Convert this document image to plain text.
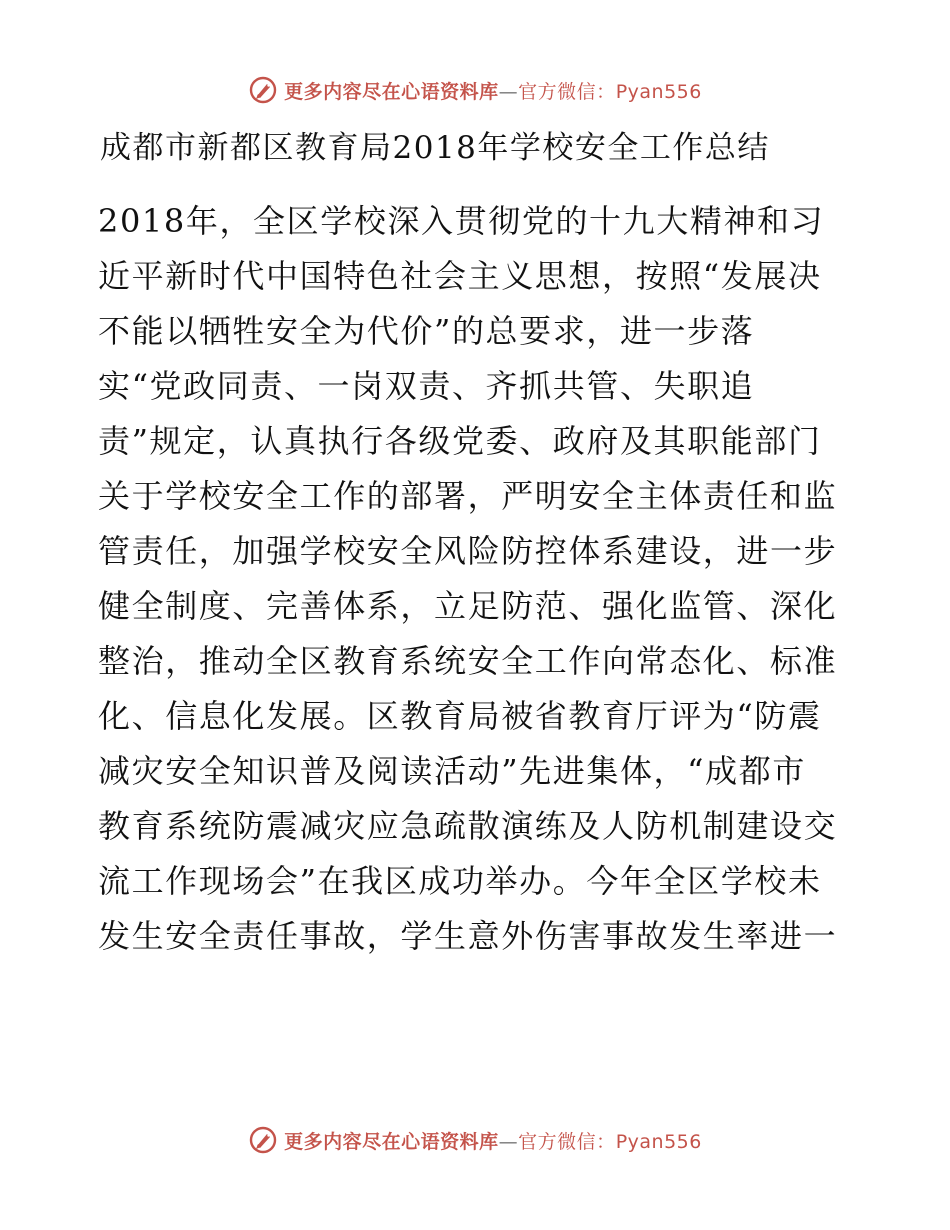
更多内容尽在心语资料库—官方微信：Pyan556
成都市新都区教育局2018年学校安全工作总结
2018年，全区学校深入贯彻党的十九大精神和习
近平新时代中国特色社会主义思想，按照“发展决
不能以牺牲安全为代价”的总要求，进一步落
实“党政同责、一岗双责、齐抓共管、失职追
责”规定，认真执行各级党委、政府及其职能部门
关于学校安全工作的部署，严明安全主体责任和监
管责任，加强学校安全风险防控体系建设，进一步
健全制度、完善体系，立足防范、强化监管、深化
整治，推动全区教育系统安全工作向常态化、标准
化、信息化发展。区教育局被省教育厅评为“防震
减灾安全知识普及阅读活动”先进集体，“成都市
教育系统防震减灾应急疏散演练及人防机制建设交
流工作现场会”在我区成功举办。今年全区学校未
发生安全责任事故，学生意外伤害事故发生率进一
更多内容尽在心语资料库—官方微信：Pyan556
